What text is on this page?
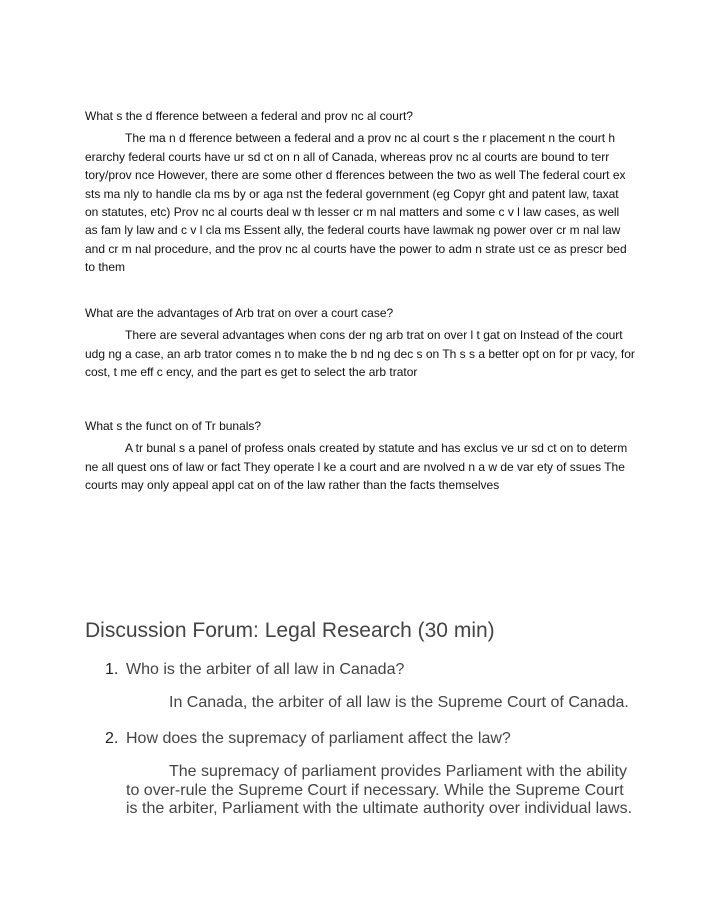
What s the d fference between a federal and prov nc al court?

The ma n d fference between a federal and a prov nc al court s the r placement n the court h erarchy federal courts have ur sd ct on n all of Canada, whereas prov nc al courts are bound to terr tory/prov nce However, there are some other d fferences between the two as well The federal court ex sts ma nly to handle cla ms by or aga nst the federal government (eg Copyr ght and patent law, taxat on statutes, etc) Prov nc al courts deal w th lesser cr m nal matters and some c v l law cases, as well as fam ly law and c v l cla ms Essent ally, the federal courts have lawmak ng power over cr m nal law and cr m nal procedure, and the prov nc al courts have the power to adm n strate ust ce as prescr bed to them

What are the advantages of Arb trat on over a court case?

There are several advantages when cons der ng arb trat on over l t gat on Instead of the court udg ng a case, an arb trator comes n to make the b nd ng dec s on Th s s a better opt on for pr vacy, for cost, t me eff c ency, and the part es get to select the arb trator

What s the funct on of Tr bunals?

A tr bunal s a panel of profess onals created by statute and has exclus ve ur sd ct on to determ ne all quest ons of law or fact They operate l ke a court and are nvolved n a w de var ety of ssues The courts may only appeal appl cat on of the law rather than the facts themselves

Discussion Forum: Legal Research (30 min)
1. Who is the arbiter of all law in Canada?
In Canada, the arbiter of all law is the Supreme Court of Canada.
2. How does the supremacy of parliament affect the law?
The supremacy of parliament provides Parliament with the ability to over-rule the Supreme Court if necessary. While the Supreme Court is the arbiter, Parliament with the ultimate authority over individual laws.
